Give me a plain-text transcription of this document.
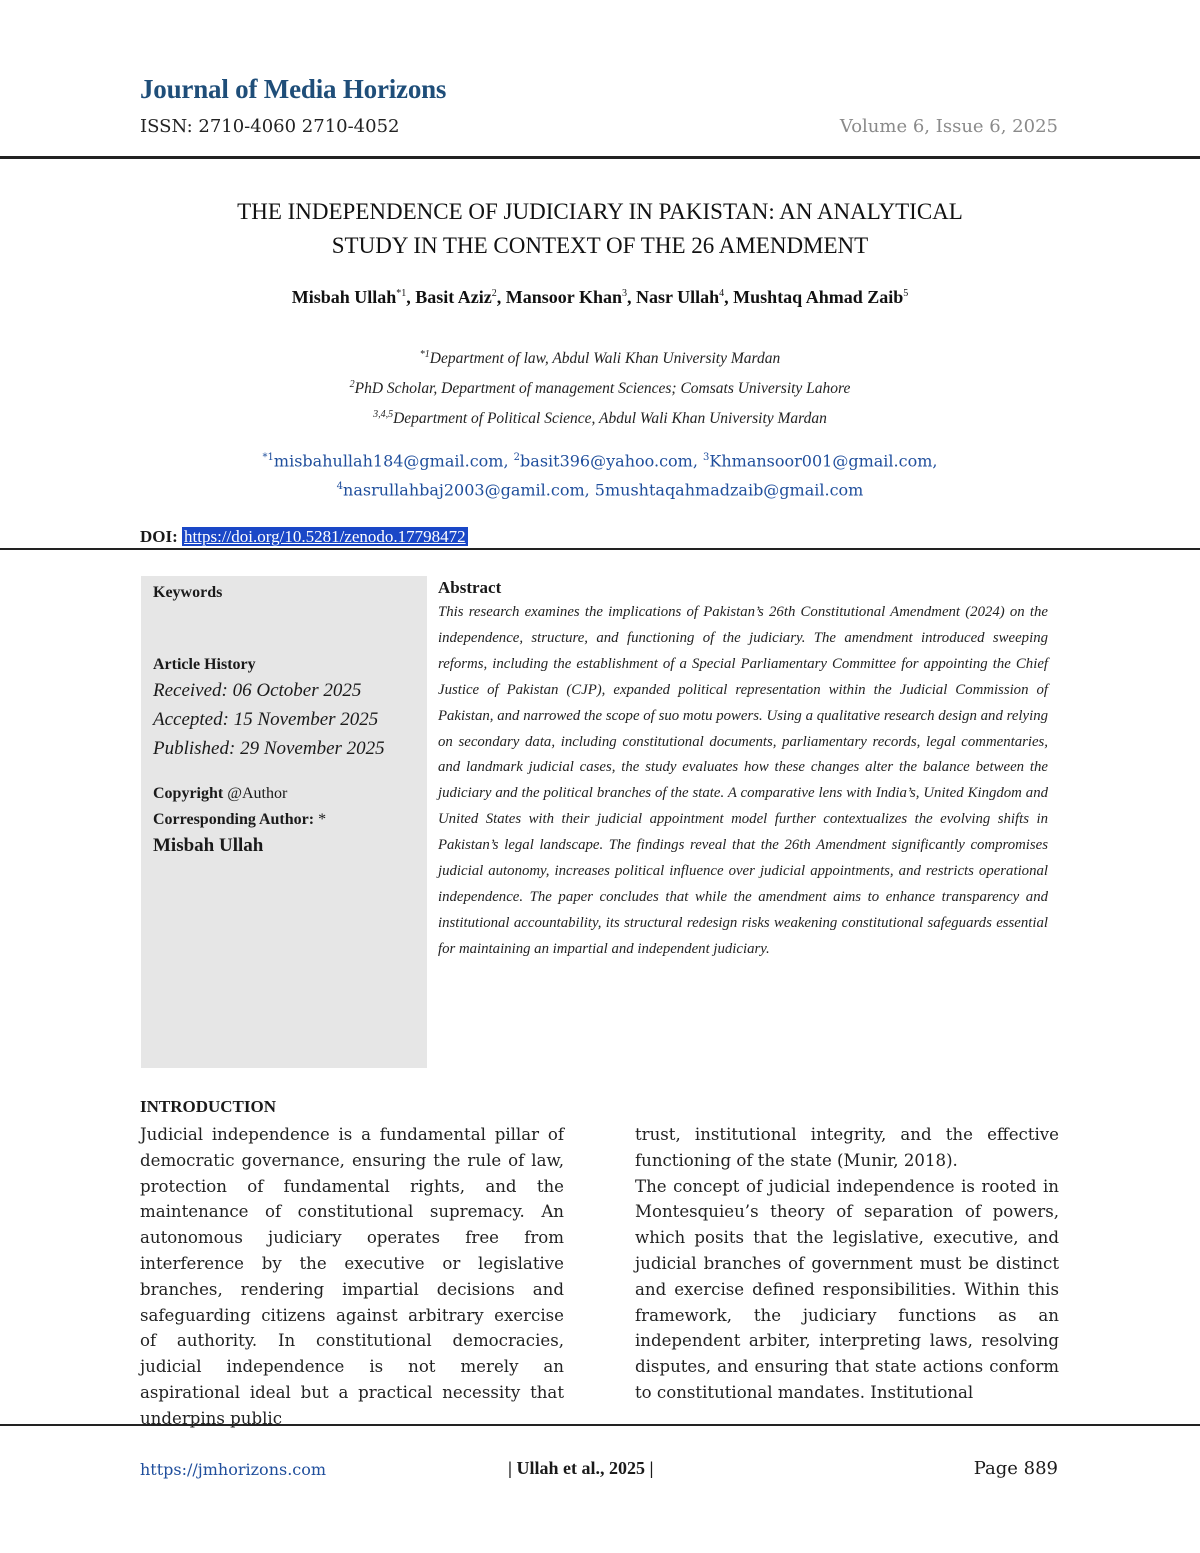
Journal of Media Horizons
ISSN: 2710-4060 2710-4052	Volume 6, Issue 6, 2025
THE INDEPENDENCE OF JUDICIARY IN PAKISTAN: AN ANALYTICAL
STUDY IN THE CONTEXT OF THE 26 AMENDMENT
Misbah Ullah$^{*1}$, Basit Aziz$^2$, Mansoor Khan$^3$, Nasr Ullah$^4$, Mushtaq Ahmad Zaib$^5$
$^{*1}$Department of law, Abdul Wali Khan University Mardan
$^2$PhD Scholar, Department of management Sciences; Comsats University Lahore
$^{3,4,5}$Department of Political Science, Abdul Wali Khan University Mardan
$^{*1}$misbahullah184@gmail.com, $^2$basit396@yahoo.com, $^3$Khmansoor001@gmail.com,
$^4$nasrullahbaj2003@gamil.com, 5mushtaqahmadzaib@gmail.com
DOI: https://doi.org/10.5281/zenodo.17798472
Keywords
Article History
Received: 06 October 2025
Accepted: 15 November 2025
Published: 29 November 2025
Copyright @Author
Corresponding Author: *
Misbah Ullah
Abstract
This research examines the implications of Pakistan’s 26th Constitutional Amendment (2024) on the independence, structure, and functioning of the judiciary. The amendment introduced sweeping reforms, including the establishment of a Special Parliamentary Committee for appointing the Chief Justice of Pakistan (CJP), expanded political representation within the Judicial Commission of Pakistan, and narrowed the scope of suo motu powers. Using a qualitative research design and relying on secondary data, including constitutional documents, parliamentary records, legal commentaries, and landmark judicial cases, the study evaluates how these changes alter the balance between the judiciary and the political branches of the state. A comparative lens with India’s, United Kingdom and United States with their judicial appointment model further contextualizes the evolving shifts in Pakistan’s legal landscape. The findings reveal that the 26th Amendment significantly compromises judicial autonomy, increases political influence over judicial appointments, and restricts operational independence. The paper concludes that while the amendment aims to enhance transparency and institutional accountability, its structural redesign risks weakening constitutional safeguards essential for maintaining an impartial and independent judiciary.
INTRODUCTION

Judicial independence is a fundamental pillar of democratic governance, ensuring the rule of law, protection of fundamental rights, and the maintenance of constitutional supremacy. An autonomous judiciary operates free from interference by the executive or legislative branches, rendering impartial decisions and safeguarding citizens against arbitrary exercise of authority. In constitutional democracies, judicial independence is not merely an aspirational ideal but a practical necessity that underpins public

trust, institutional integrity, and the effective functioning of the state (Munir, 2018).

The concept of judicial independence is rooted in Montesquieu’s theory of separation of powers, which posits that the legislative, executive, and judicial branches of government must be distinct and exercise defined responsibilities. Within this framework, the judiciary functions as an independent arbiter, interpreting laws, resolving disputes, and ensuring that state actions conform to constitutional mandates. Institutional

https://jmhorizons.com	| Ullah et al., 2025 |	Page 889
